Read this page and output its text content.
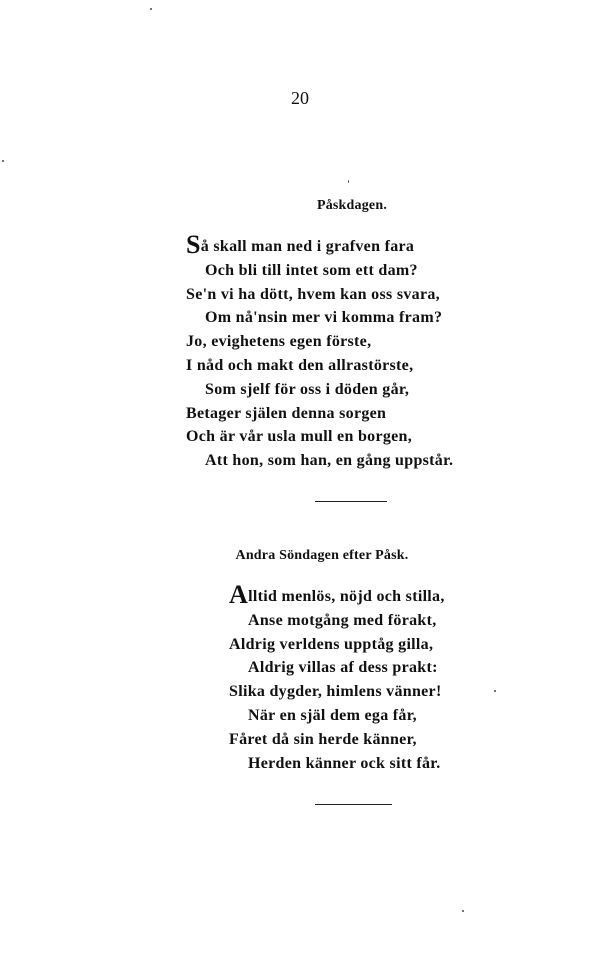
20
Påskdagen.
Så skall man ned i grafven fara
Och bli till intet som ett dam?
Se'n vi ha dött, hvem kan oss svara,
Om nå'nsin mer vi komma fram?
Jo, evighetens egen förste,
I nåd och makt den allrastörste,
Som sjelf för oss i döden går,
Betager själen denna sorgen
Och är vår usla mull en borgen,
Att hon, som han, en gång uppstår.
Andra Söndagen efter Påsk.
Alltid menlös, nöjd och stilla,
Anse motgång med förakt,
Aldrig verldens upptåg gilla,
Aldrig villas af dess prakt:
Slika dygder, himlens vänner!
När en själ dem ega får,
Fåret då sin herde känner,
Herden känner ock sitt får.
